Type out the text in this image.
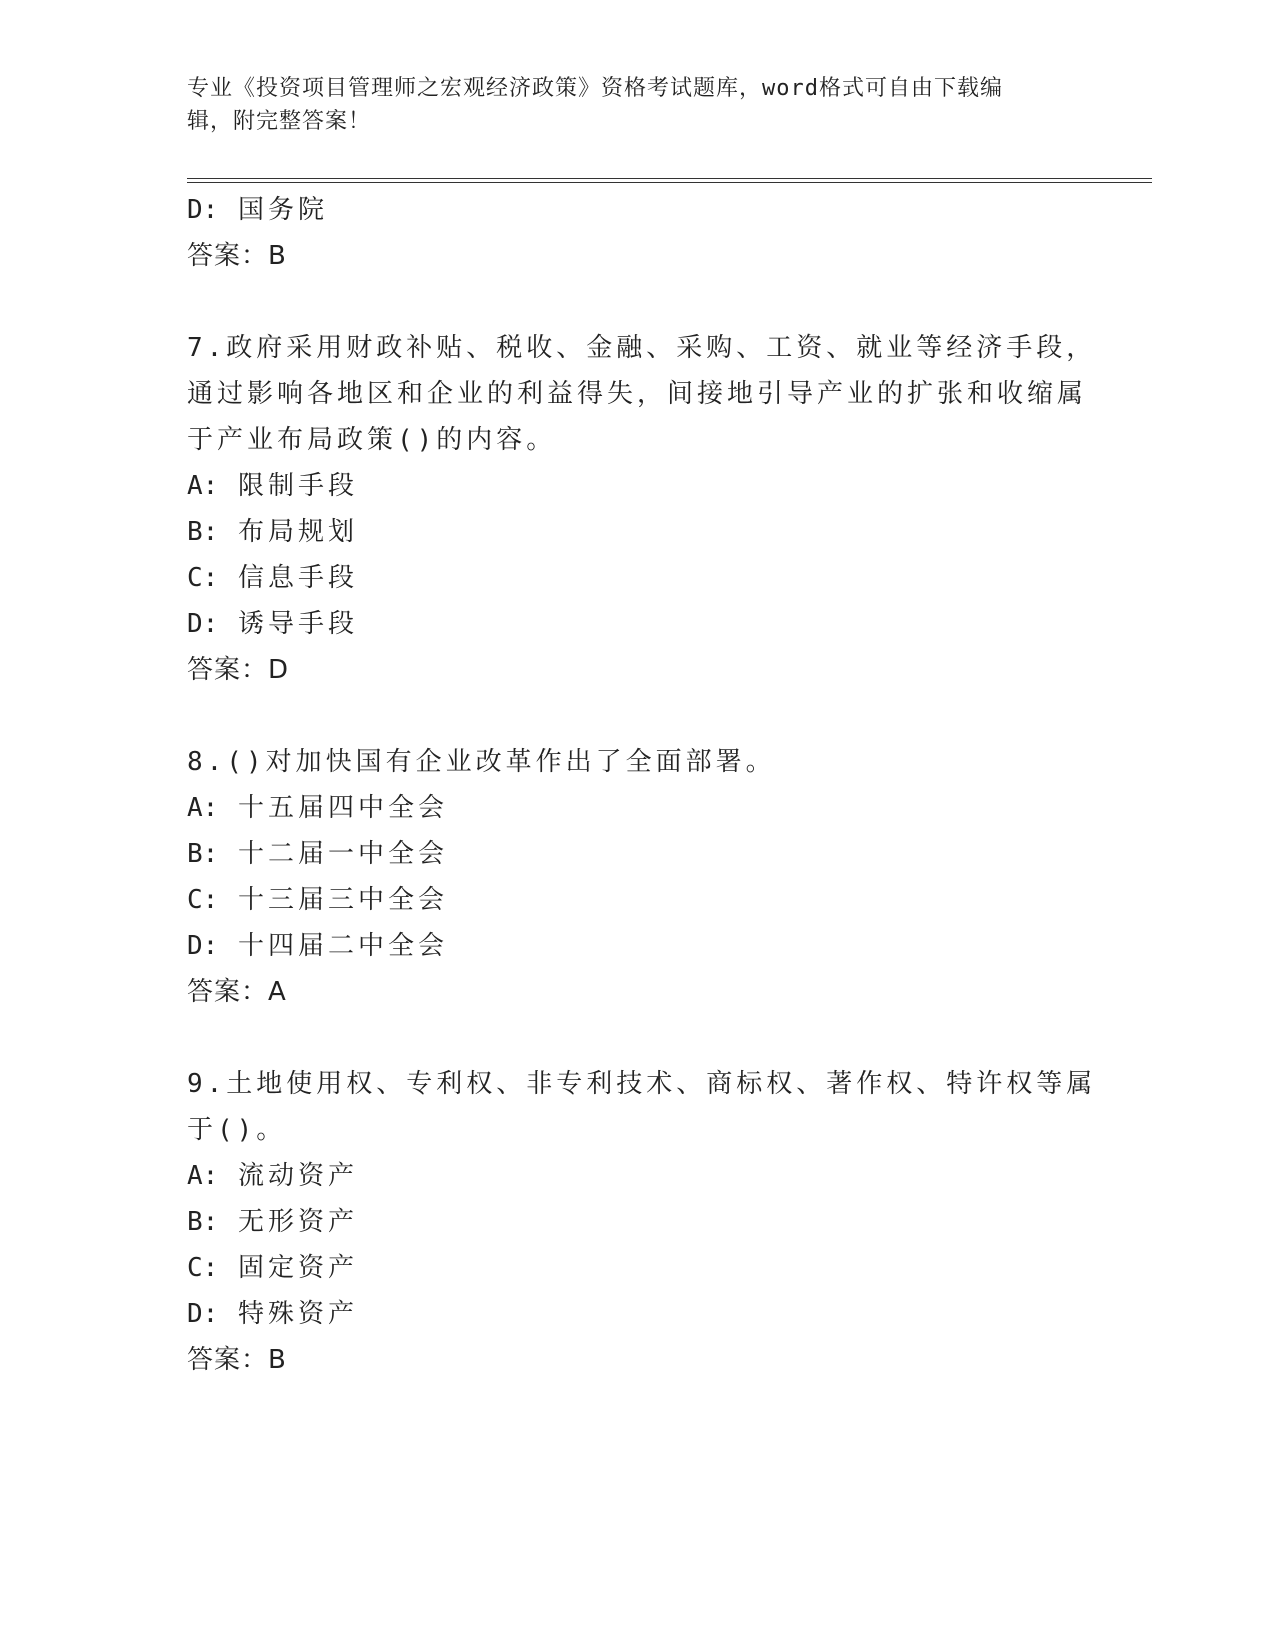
专业《投资项目管理师之宏观经济政策》资格考试题库，word格式可自由下载编
辑，附完整答案！
D: 国务院
答案：B
7.政府采用财政补贴、税收、金融、采购、工资、就业等经济手段，
通过影响各地区和企业的利益得失，间接地引导产业的扩张和收缩属
于产业布局政策()的内容。
A: 限制手段
B: 布局规划
C: 信息手段
D: 诱导手段
答案：D
8.()对加快国有企业改革作出了全面部署。
A: 十五届四中全会
B: 十二届一中全会
C: 十三届三中全会
D: 十四届二中全会
答案：A
9.土地使用权、专利权、非专利技术、商标权、著作权、特许权等属
于()。
A: 流动资产
B: 无形资产
C: 固定资产
D: 特殊资产
答案：B
